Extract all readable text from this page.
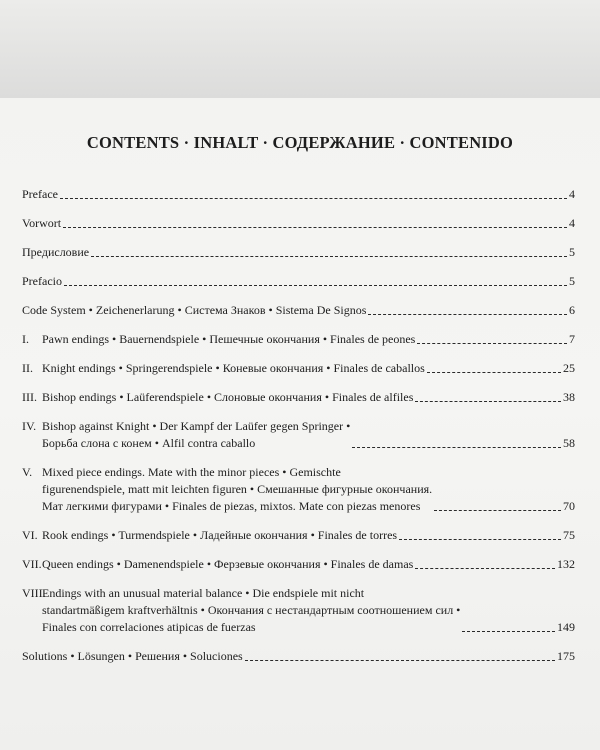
CONTENTS · INHALT · СОДЕРЖАНИЕ · CONTENIDO
Preface	4
Vorwort	4
Предисловие	5
Prefacio	5
Code System • Zeichenerlarung • Система Знаков • Sistema De Signos	6
I.	Pawn endings • Bauernendspiele • Пешечные окончания • Finales de peones	7
II. Knight endings • Springerendspiele • Коневые окончания • Finales de caballos	25
III. Bishop endings • Laüferendspiele • Слоновые окончания • Finales de alfiles	38
IV. Bishop against Knight • Der Kampf der Laüfer gegen Springer •
Борьба слона с конем • Alfil contra caballo	58
V. Mixed piece endings. Mate with the minor pieces • Gemischte
figurenendspiele, matt mit leichten figuren • Смешанные фигурные окончания.
Мат легкими фигурами • Finales de piezas, mixtos. Mate con piezas menores	70
VI. Rook endings • Turmendspiele • Ладейные окончания • Finales de torres	75
VII. Queen endings • Damenendspiele • Ферзевые окончания • Finales de damas	132
VIII.
Endings with an unusual material balance • Die endspiele mit nicht
standartmäßigem kraftverhältnis • Окончания с нестандартным соотношением сил •
Finales con correlaciones atipicas de fuerzas	149
Solutions • Lösungen • Решения • Soluciones	175
